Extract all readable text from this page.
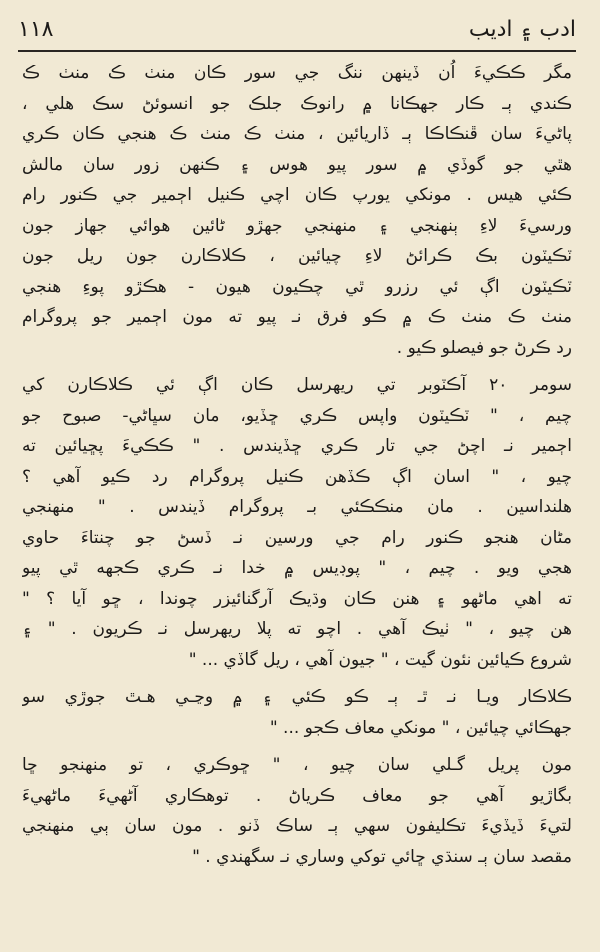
١١٨	ادب ۽ اديب
مگر ڪڪيءَ اُن ڏينهن ننگ جي سور ڪان منٺ ڪ منٺ ڪ
ڪندي ٻـ ڪار جهڪانا ۾ رانوڪ جلڪ جو انسوئڻ سڪ هلي ،
پاڻيءَ سان ڦنڪاڪا ٻـ ڏاريائين ، منٺ ڪ منٺ ڪ هنجي ڪان ڪري
هٿي جو گوڏي ۾ سور پيو هوس ۽ ڪنهن زور سان مالش
ڪئي هيس . مونکي يورپ ڪان اچي ڪنيل اڄمير جي ڪنور رام
ورسيءَ لاءِ ٻنهنجي ۽ منهنجي جهڙو ڻائين هوائي جهاز جون
ٽڪيٽون بڪ ڪرائڻ لاءِ چيائين ، ڪلاڪارن جون ريل جون
ٽڪيٽون اڳ ئي رزرو ٿي چڪيون هيون - هڪڙو پوءِ هنجي
منٺ ڪ منٺ ڪ ۾ ڪو فرق نـ پيو ته مون اڄمير جو پروگرام
رد ڪرڻ جو فيصلو ڪيو .
سومر ٢٠ آڪٽوبر تي ريهرسل ڪان اڳ ئي ڪلاڪارن کي
چيم ، " ٽڪيٽون واپس ڪري ڇڏيو، مان سڀاڻي- صبوح جو
اڄمير نـ اچڻ جي تار ڪري ڇڏيندس . " ڪڪيءَ پڇيائين ته
چيو ، " اسان اڳ ڪڏهن ڪنيل پروگرام رد ڪيو آهي ؟
هلنداسين . مان منڪڪئي بـ پروگرام ڏيندس . " منهنجي
مڻان هنجو ڪنور رام جي ورسين نـ ڏسڻ جو چنتاءَ حاوي
هجي ويو . چيم ، " پوڊيس ۾ خدا نـ ڪري ڪجهه ٿي پيو
ته اهي ماڻهو ۽ هنن ڪان وڌيڪ آرگنائيزر چوندا ، ڇو آيا ؟ "
هن چيو ، " ٺيڪ آهي . اچو ته پلا ريهرسل نـ ڪريون . " ۽
شروع ڪيائين نئون گيت ، " جيون آهي ، ريل گاڏي ... "
ڪلاڪار ويـا نـ ٿـ ٻـ ڪو ڪئي ۽ ۾ وڃـي هـٿ جوڙي سو
جهڪائي چيائين ، " مونکي معاف ڪجو ... "
مون پريل گـلي سان چيو ، " ڇوڪري ، تو منهنجو ڇا
بگاڙيو آهي جو معاف ڪرياڻ . توهڪاري آڻهيءَ ماڻهيءَ
لتيءَ ڏيڏيءَ تڪليفون سهي ٻـ ساڪ ڏنو . مون سان ٻي منهنجي
مقصد سان ٻـ سنڌي ڇائي توکي وساري نـ سگهندي . "
